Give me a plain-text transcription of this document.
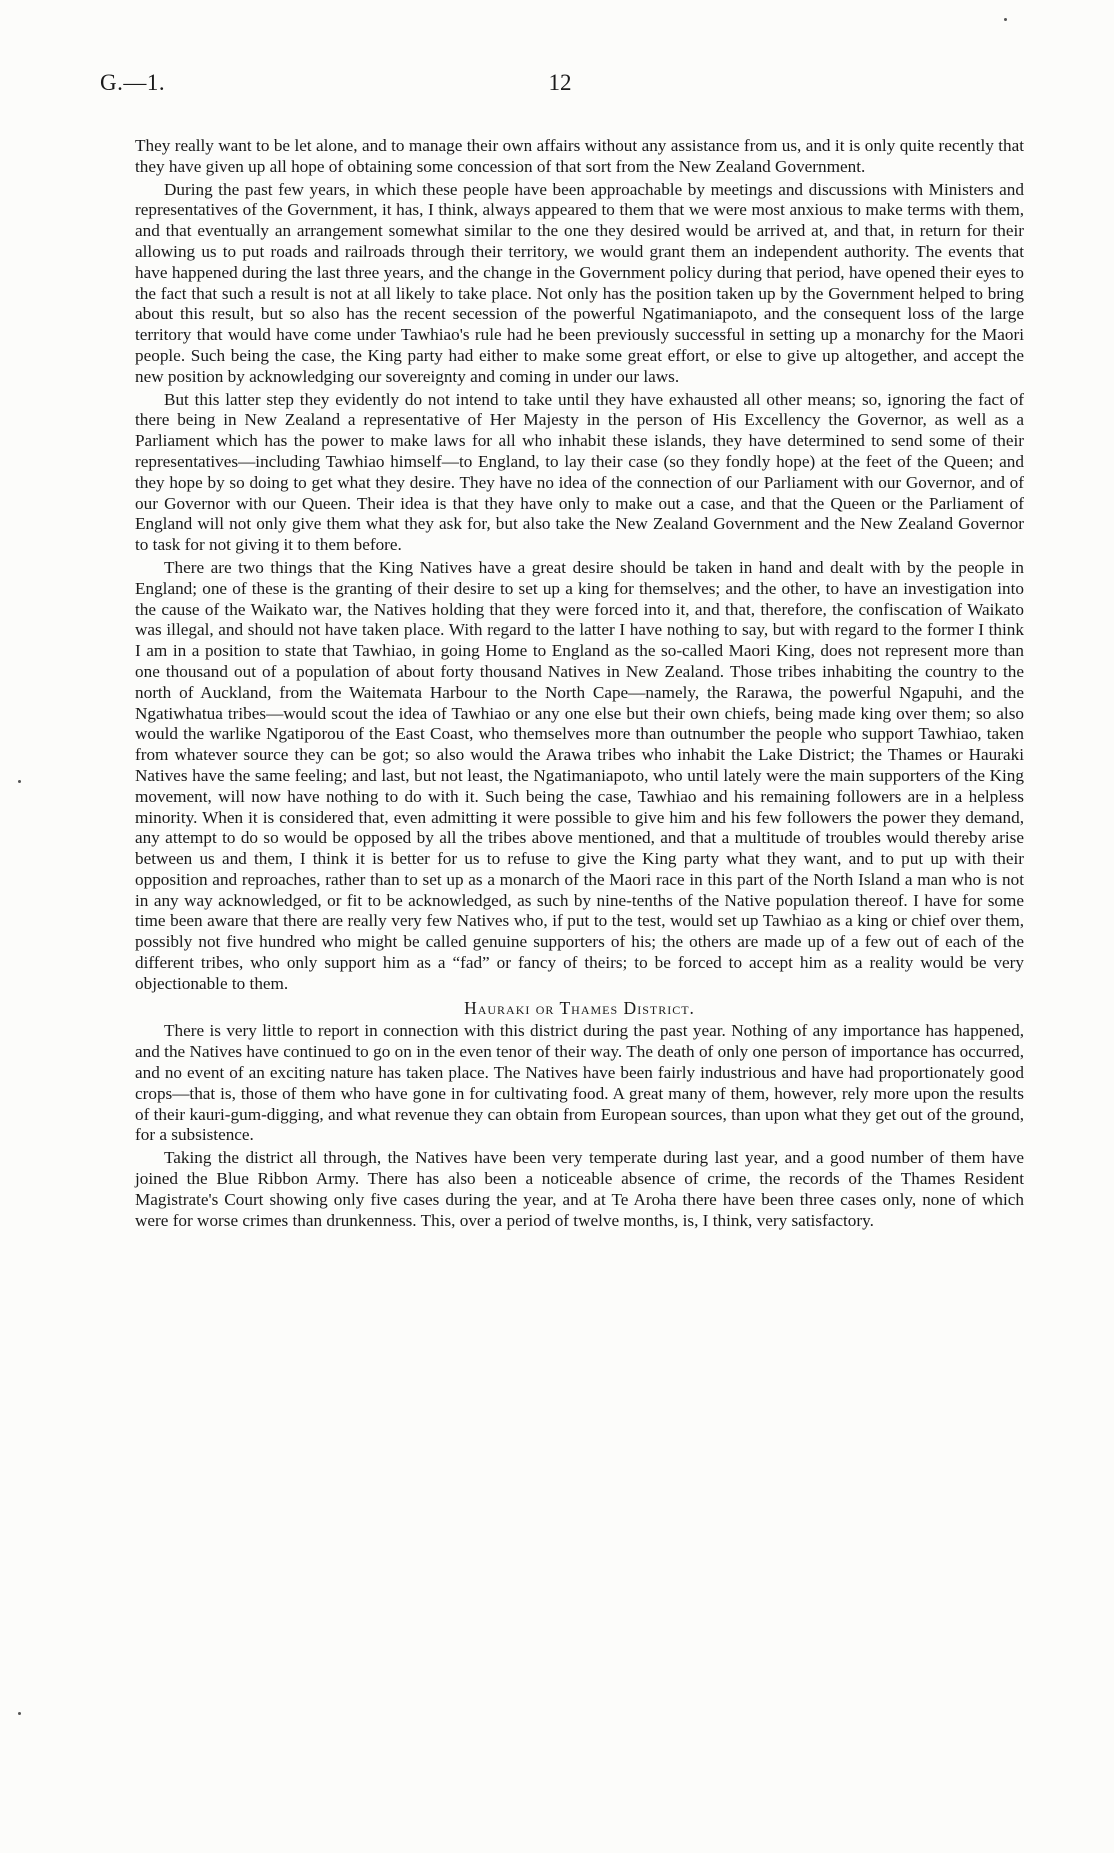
G.—1.	12

They really want to be let alone, and to manage their own affairs without any assistance from us, and it is only quite recently that they have given up all hope of obtaining some concession of that sort from the New Zealand Government.

During the past few years, in which these people have been approachable by meetings and discussions with Ministers and representatives of the Government, it has, I think, always appeared to them that we were most anxious to make terms with them, and that eventually an arrangement somewhat similar to the one they desired would be arrived at, and that, in return for their allowing us to put roads and railroads through their territory, we would grant them an independent authority. The events that have happened during the last three years, and the change in the Government policy during that period, have opened their eyes to the fact that such a result is not at all likely to take place. Not only has the position taken up by the Government helped to bring about this result, but so also has the recent secession of the powerful Ngatimaniapoto, and the consequent loss of the large territory that would have come under Tawhiao's rule had he been previously successful in setting up a monarchy for the Maori people. Such being the case, the King party had either to make some great effort, or else to give up altogether, and accept the new position by acknowledging our sovereignty and coming in under our laws.

But this latter step they evidently do not intend to take until they have exhausted all other means; so, ignoring the fact of there being in New Zealand a representative of Her Majesty in the person of His Excellency the Governor, as well as a Parliament which has the power to make laws for all who inhabit these islands, they have determined to send some of their representatives—including Tawhiao himself—to England, to lay their case (so they fondly hope) at the feet of the Queen; and they hope by so doing to get what they desire. They have no idea of the connection of our Parliament with our Governor, and of our Governor with our Queen. Their idea is that they have only to make out a case, and that the Queen or the Parliament of England will not only give them what they ask for, but also take the New Zealand Government and the New Zealand Governor to task for not giving it to them before.

There are two things that the King Natives have a great desire should be taken in hand and dealt with by the people in England; one of these is the granting of their desire to set up a king for themselves; and the other, to have an investigation into the cause of the Waikato war, the Natives holding that they were forced into it, and that, therefore, the confiscation of Waikato was illegal, and should not have taken place. With regard to the latter I have nothing to say, but with regard to the former I think I am in a position to state that Tawhiao, in going Home to England as the so-called Maori King, does not represent more than one thousand out of a population of about forty thousand Natives in New Zealand. Those tribes inhabiting the country to the north of Auckland, from the Waitemata Harbour to the North Cape—namely, the Rarawa, the powerful Ngapuhi, and the Ngatiwhatua tribes—would scout the idea of Tawhiao or any one else but their own chiefs, being made king over them; so also would the warlike Ngatiporou of the East Coast, who themselves more than outnumber the people who support Tawhiao, taken from whatever source they can be got; so also would the Arawa tribes who inhabit the Lake District; the Thames or Hauraki Natives have the same feeling; and last, but not least, the Ngatimaniapoto, who until lately were the main supporters of the King movement, will now have nothing to do with it. Such being the case, Tawhiao and his remaining followers are in a helpless minority. When it is considered that, even admitting it were possible to give him and his few followers the power they demand, any attempt to do so would be opposed by all the tribes above mentioned, and that a multitude of troubles would thereby arise between us and them, I think it is better for us to refuse to give the King party what they want, and to put up with their opposition and reproaches, rather than to set up as a monarch of the Maori race in this part of the North Island a man who is not in any way acknowledged, or fit to be acknowledged, as such by nine-tenths of the Native population thereof. I have for some time been aware that there are really very few Natives who, if put to the test, would set up Tawhiao as a king or chief over them, possibly not five hundred who might be called genuine supporters of his; the others are made up of a few out of each of the different tribes, who only support him as a “fad” or fancy of theirs; to be forced to accept him as a reality would be very objectionable to them.

Hauraki or Thames District.

There is very little to report in connection with this district during the past year. Nothing of any importance has happened, and the Natives have continued to go on in the even tenor of their way. The death of only one person of importance has occurred, and no event of an exciting nature has taken place. The Natives have been fairly industrious and have had proportionately good crops—that is, those of them who have gone in for cultivating food. A great many of them, however, rely more upon the results of their kauri-gum-digging, and what revenue they can obtain from European sources, than upon what they get out of the ground, for a subsistence.

Taking the district all through, the Natives have been very temperate during last year, and a good number of them have joined the Blue Ribbon Army. There has also been a noticeable absence of crime, the records of the Thames Resident Magistrate's Court showing only five cases during the year, and at Te Aroha there have been three cases only, none of which were for worse crimes than drunkenness. This, over a period of twelve months, is, I think, very satisfactory.
